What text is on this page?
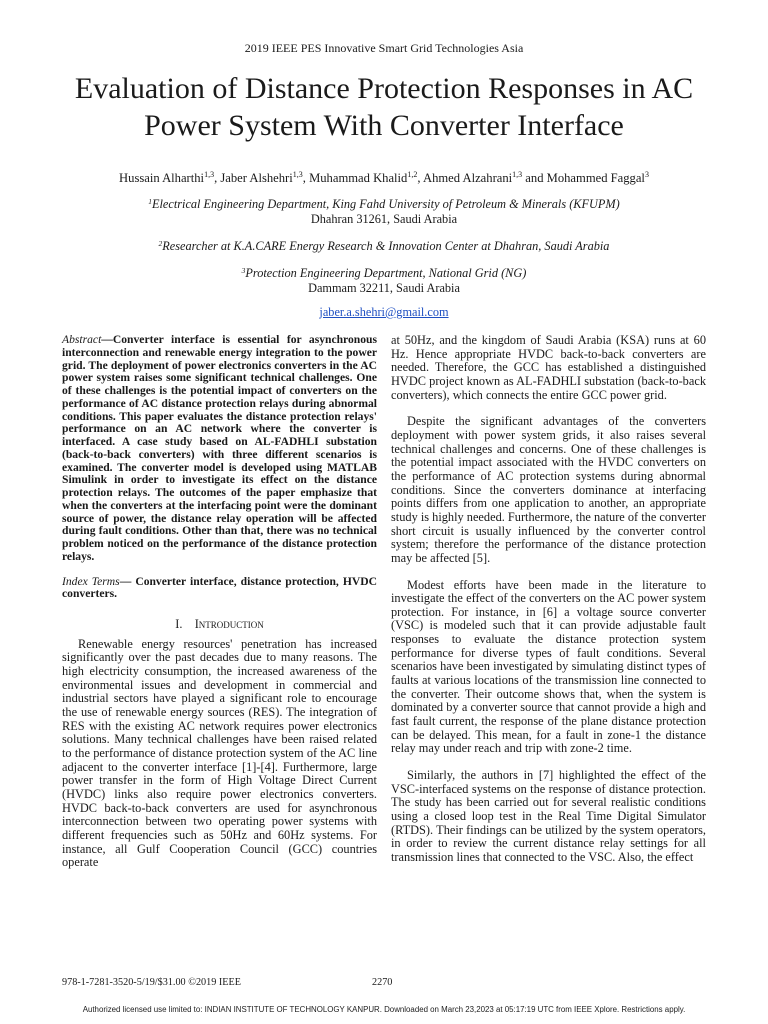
2019 IEEE PES Innovative Smart Grid Technologies Asia
Evaluation of Distance Protection Responses in AC
Power System With Converter Interface
Hussain Alharthi$^{1,3}$, Jaber Alshehri$^{1,3}$, Muhammad Khalid$^{1,2}$, Ahmed Alzahrani$^{1,3}$ and Mohammed Faggal$^3$
$^1$Electrical Engineering Department, King Fahd University of Petroleum & Minerals (KFUPM)
Dhahran 31261, Saudi Arabia
$^2$Researcher at K.A.CARE Energy Research & Innovation Center at Dhahran, Saudi Arabia
$^3$Protection Engineering Department, National Grid (NG)
Dammam 32211, Saudi Arabia
jaber.a.shehri@gmail.com

Abstract—Converter interface is essential for asynchronous interconnection and renewable energy integration to the power grid. The deployment of power electronics converters in the AC power system raises some significant technical challenges. One of these challenges is the potential impact of converters on the performance of AC distance protection relays during abnormal conditions. This paper evaluates the distance protection relays' performance on an AC network where the converter is interfaced. A case study based on AL-FADHLI substation (back-to-back converters) with three different scenarios is examined. The converter model is developed using MATLAB Simulink in order to investigate its effect on the distance protection relays. The outcomes of the paper emphasize that when the converters at the interfacing point were the dominant source of power, the distance relay operation will be affected during fault conditions. Other than that, there was no technical problem noticed on the performance of the distance protection relays.

Index Terms— Converter interface, distance protection, HVDC converters.

I. Introduction

Renewable energy resources' penetration has increased significantly over the past decades due to many reasons. The high electricity consumption, the increased awareness of the environmental issues and development in commercial and industrial sectors have played a significant role to encourage the use of renewable energy sources (RES). The integration of RES with the existing AC network requires power electronics solutions. Many technical challenges have been raised related to the performance of distance protection system of the AC line adjacent to the converter interface [1]-[4]. Furthermore, large power transfer in the form of High Voltage Direct Current (HVDC) links also require power electronics converters. HVDC back-to-back converters are used for asynchronous interconnection between two operating power systems with different frequencies such as 50Hz and 60Hz systems. For instance, all Gulf Cooperation Council (GCC) countries operate

at 50Hz, and the kingdom of Saudi Arabia (KSA) runs at 60 Hz. Hence appropriate HVDC back-to-back converters are needed. Therefore, the GCC has established a distinguished HVDC project known as AL-FADHLI substation (back-to-back converters), which connects the entire GCC power grid.

Despite the significant advantages of the converters deployment with power system grids, it also raises several technical challenges and concerns. One of these challenges is the potential impact associated with the HVDC converters on the performance of AC protection systems during abnormal conditions. Since the converters dominance at interfacing points differs from one application to another, an appropriate study is highly needed. Furthermore, the nature of the converter short circuit is usually influenced by the converter control system; therefore the performance of the distance protection may be affected [5].

Modest efforts have been made in the literature to investigate the effect of the converters on the AC power system protection. For instance, in [6] a voltage source converter (VSC) is modeled such that it can provide adjustable fault responses to evaluate the distance protection system performance for diverse types of fault conditions. Several scenarios have been investigated by simulating distinct types of faults at various locations of the transmission line connected to the converter. Their outcome shows that, when the system is dominated by a converter source that cannot provide a high and fast fault current, the response of the plane distance protection can be delayed. This mean, for a fault in zone-1 the distance relay may under reach and trip with zone-2 time.

Similarly, the authors in [7] highlighted the effect of the VSC-interfaced systems on the response of distance protection. The study has been carried out for several realistic conditions using a closed loop test in the Real Time Digital Simulator (RTDS). Their findings can be utilized by the system operators, in order to review the current distance relay settings for all transmission lines that connected to the VSC. Also, the effect

978-1-7281-3520-5/19/$31.00 ©2019 IEEE	2270
Authorized licensed use limited to: INDIAN INSTITUTE OF TECHNOLOGY KANPUR. Downloaded on March 23,2023 at 05:17:19 UTC from IEEE Xplore. Restrictions apply.
